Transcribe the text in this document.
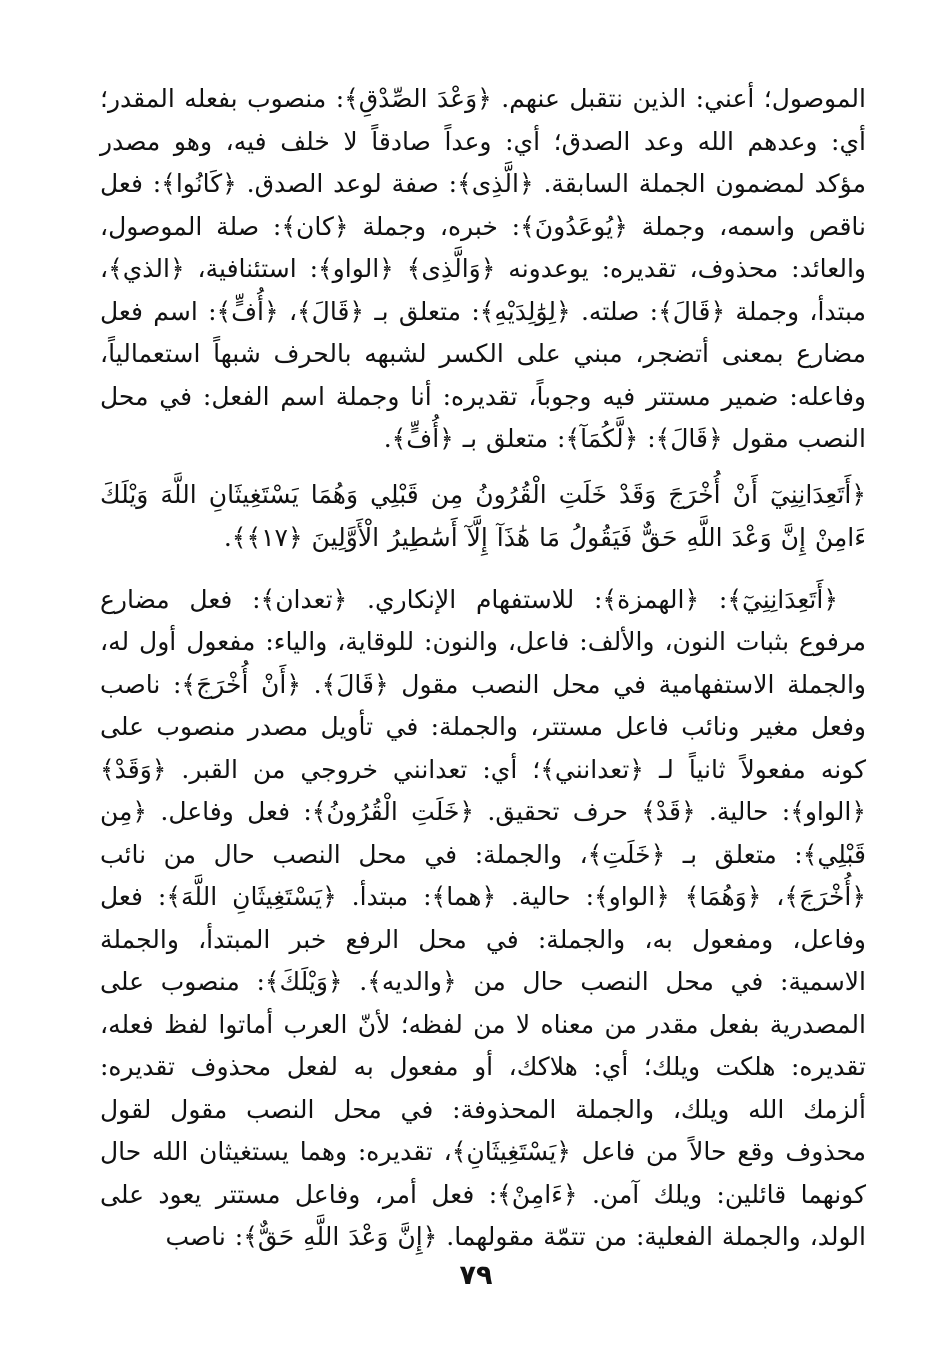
الموصول؛ أعني: الذين نتقبل عنهم. ﴿وَعْدَ الصِّدْقِ﴾: منصوب بفعله المقدر؛ أي: وعدهم الله وعد الصدق؛ أي: وعداً صادقاً لا خلف فيه، وهو مصدر مؤكد لمضمون الجملة السابقة. ﴿الَّذِى﴾: صفة لوعد الصدق. ﴿كَانُوا﴾: فعل ناقص واسمه، وجملة ﴿يُوعَدُونَ﴾: خبره، وجملة ﴿كان﴾: صلة الموصول، والعائد: محذوف، تقديره: يوعدونه ﴿وَالَّذِى﴾ ﴿الواو﴾: استئنافية، ﴿الذي﴾، مبتدأ، وجملة ﴿قَالَ﴾: صلته. ﴿لِوَٰلِدَيْهِ﴾: متعلق بـ ﴿قَالَ﴾، ﴿أُفٍّ﴾: اسم فعل مضارع بمعنى أتضجر، مبني على الكسر لشبهه بالحرف شبهاً استعمالياً، وفاعله: ضمير مستتر فيه وجوباً، تقديره: أنا وجملة اسم الفعل: في محل النصب مقول ﴿قَالَ﴾: ﴿لَّكُمَآ﴾: متعلق بـ ﴿أُفٍّ﴾.

﴿أَتَعِدَانِنِيٓ أَنْ أُخْرَجَ وَقَدْ خَلَتِ الْقُرُونُ مِن قَبْلِي وَهُمَا يَسْتَغِيثَانِ اللَّهَ وَيْلَكَ ءَامِنْ إِنَّ وَعْدَ اللَّهِ حَقٌّ فَيَقُولُ مَا هَٰذَآ إِلَّآ أَسَٰطِيرُ الْأَوَّلِينَ ﴿١٧﴾﴾.

﴿أَتَعِدَانِنِيٓ﴾: ﴿الهمزة﴾: للاستفهام الإنكاري. ﴿تعدان﴾: فعل مضارع مرفوع بثبات النون، والألف: فاعل، والنون: للوقاية، والياء: مفعول أول له، والجملة الاستفهامية في محل النصب مقول ﴿قَالَ﴾. ﴿أَنْ أُخْرَجَ﴾: ناصب وفعل مغير ونائب فاعل مستتر، والجملة: في تأويل مصدر منصوب على كونه مفعولاً ثانياً لـ ﴿تعدانني﴾؛ أي: تعدانني خروجي من القبر. ﴿وَقَدْ﴾ ﴿الواو﴾: حالية. ﴿قَدْ﴾ حرف تحقيق. ﴿خَلَتِ الْقُرُونُ﴾: فعل وفاعل. ﴿مِن قَبْلِي﴾: متعلق بـ ﴿خَلَتِ﴾، والجملة: في محل النصب حال من نائب ﴿أُخْرَجَ﴾، ﴿وَهُمَا﴾ ﴿الواو﴾: حالية. ﴿هما﴾: مبتدأ. ﴿يَسْتَغِيثَانِ اللَّهَ﴾: فعل وفاعل، ومفعول به، والجملة: في محل الرفع خبر المبتدأ، والجملة الاسمية: في محل النصب حال من ﴿والديه﴾. ﴿وَيْلَكَ﴾: منصوب على المصدرية بفعل مقدر من معناه لا من لفظه؛ لأنّ العرب أماتوا لفظ فعله، تقديره: هلكت ويلك؛ أي: هلاكك، أو مفعول به لفعل محذوف تقديره: ألزمك الله ويلك، والجملة المحذوفة: في محل النصب مقول لقول محذوف وقع حالاً من فاعل ﴿يَسْتَغِيثَانِ﴾، تقديره: وهما يستغيثان الله حال كونهما قائلين: ويلك آمن. ﴿ءَامِنْ﴾: فعل أمر، وفاعل مستتر يعود على الولد، والجملة الفعلية: من تتمّة مقولهما. ﴿إِنَّ وَعْدَ اللَّهِ حَقٌّ﴾: ناصب

٧٩
